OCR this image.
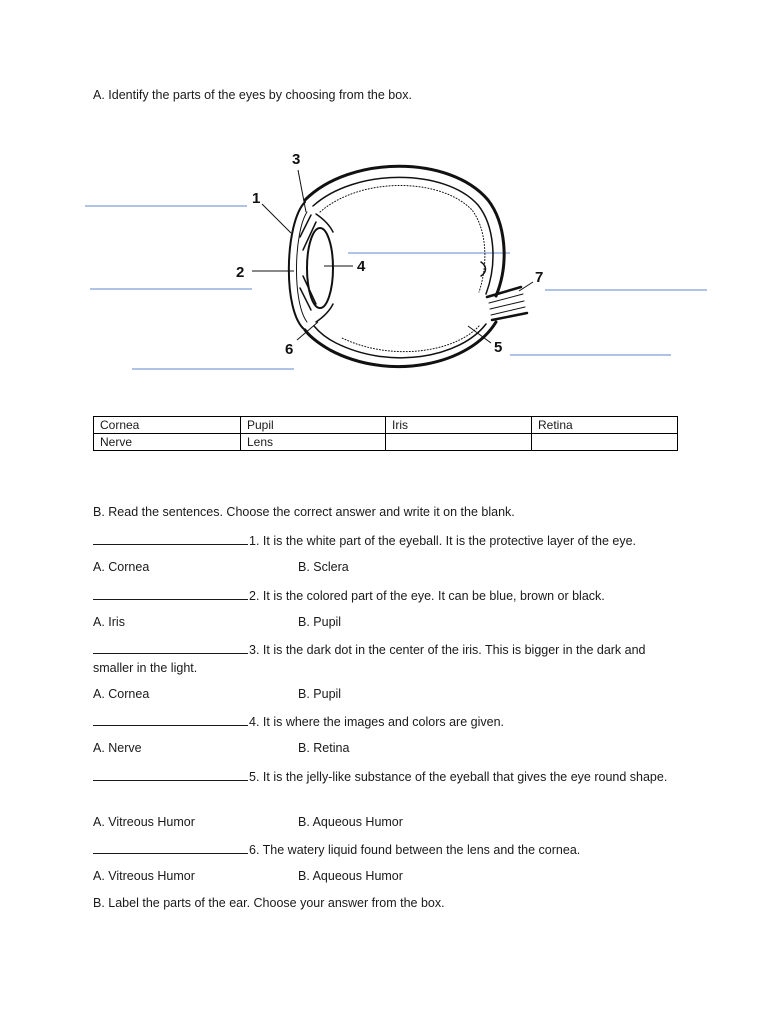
A. Identify the parts of the eyes by choosing from the box.
1
2
3
4
5
6
7
Cornea	Pupil	Iris	Retina
Nerve	Lens		
B. Read the sentences. Choose the correct answer and write it on the blank.
1. It is the white part of the eyeball. It is the protective layer of the eye.
A. Cornea	B. Sclera
2. It is the colored part of the eye. It can be blue, brown or black.
A. Iris	B. Pupil
3. It is the dark dot in the center of the iris. This is bigger in the dark and smaller in the light.
A. Cornea	B. Pupil
4. It is where the images and colors are given.
A. Nerve	B. Retina
5. It is the jelly-like substance of the eyeball that gives the eye round shape.
A. Vitreous Humor	B. Aqueous Humor
6. The watery liquid found between the lens and the cornea.
A. Vitreous Humor	B. Aqueous Humor
B. Label the parts of the ear. Choose your answer from the box.
